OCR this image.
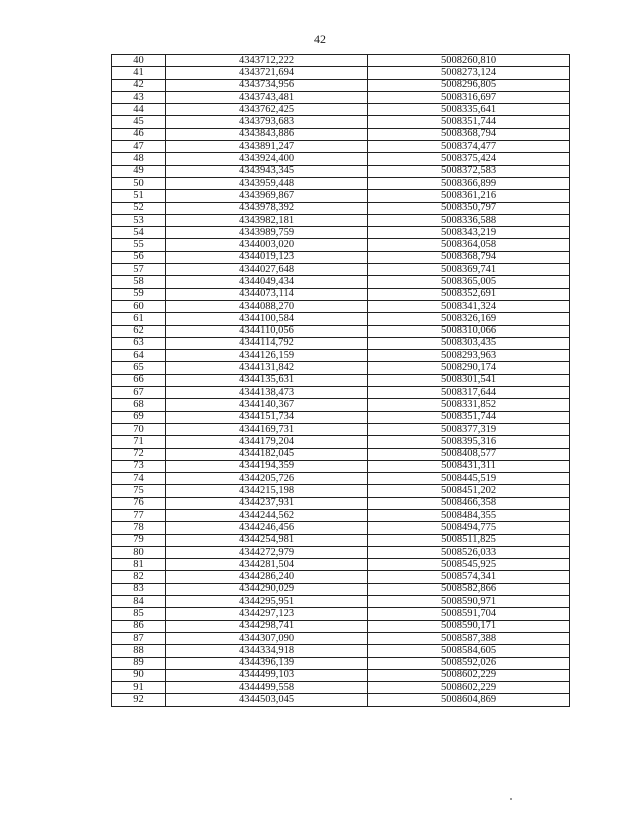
42
40	4343712,222	5008260,810
41	4343721,694	5008273,124
42	4343734,956	5008296,805
43	4343743,481	5008316,697
44	4343762,425	5008335,641
45	4343793,683	5008351,744
46	4343843,886	5008368,794
47	4343891,247	5008374,477
48	4343924,400	5008375,424
49	4343943,345	5008372,583
50	4343959,448	5008366,899
51	4343969,867	5008361,216
52	4343978,392	5008350,797
53	4343982,181	5008336,588
54	4343989,759	5008343,219
55	4344003,020	5008364,058
56	4344019,123	5008368,794
57	4344027,648	5008369,741
58	4344049,434	5008365,005
59	4344073,114	5008352,691
60	4344088,270	5008341,324
61	4344100,584	5008326,169
62	4344110,056	5008310,066
63	4344114,792	5008303,435
64	4344126,159	5008293,963
65	4344131,842	5008290,174
66	4344135,631	5008301,541
67	4344138,473	5008317,644
68	4344140,367	5008331,852
69	4344151,734	5008351,744
70	4344169,731	5008377,319
71	4344179,204	5008395,316
72	4344182,045	5008408,577
73	4344194,359	5008431,311
74	4344205,726	5008445,519
75	4344215,198	5008451,202
76	4344237,931	5008466,358
77	4344244,562	5008484,355
78	4344246,456	5008494,775
79	4344254,981	5008511,825
80	4344272,979	5008526,033
81	4344281,504	5008545,925
82	4344286,240	5008574,341
83	4344290,029	5008582,866
84	4344295,951	5008590,971
85	4344297,123	5008591,704
86	4344298,741	5008590,171
87	4344307,090	5008587,388
88	4344334,918	5008584,605
89	4344396,139	5008592,026
90	4344499,103	5008602,229
91	4344499,558	5008602,229
92	4344503,045	5008604,869
